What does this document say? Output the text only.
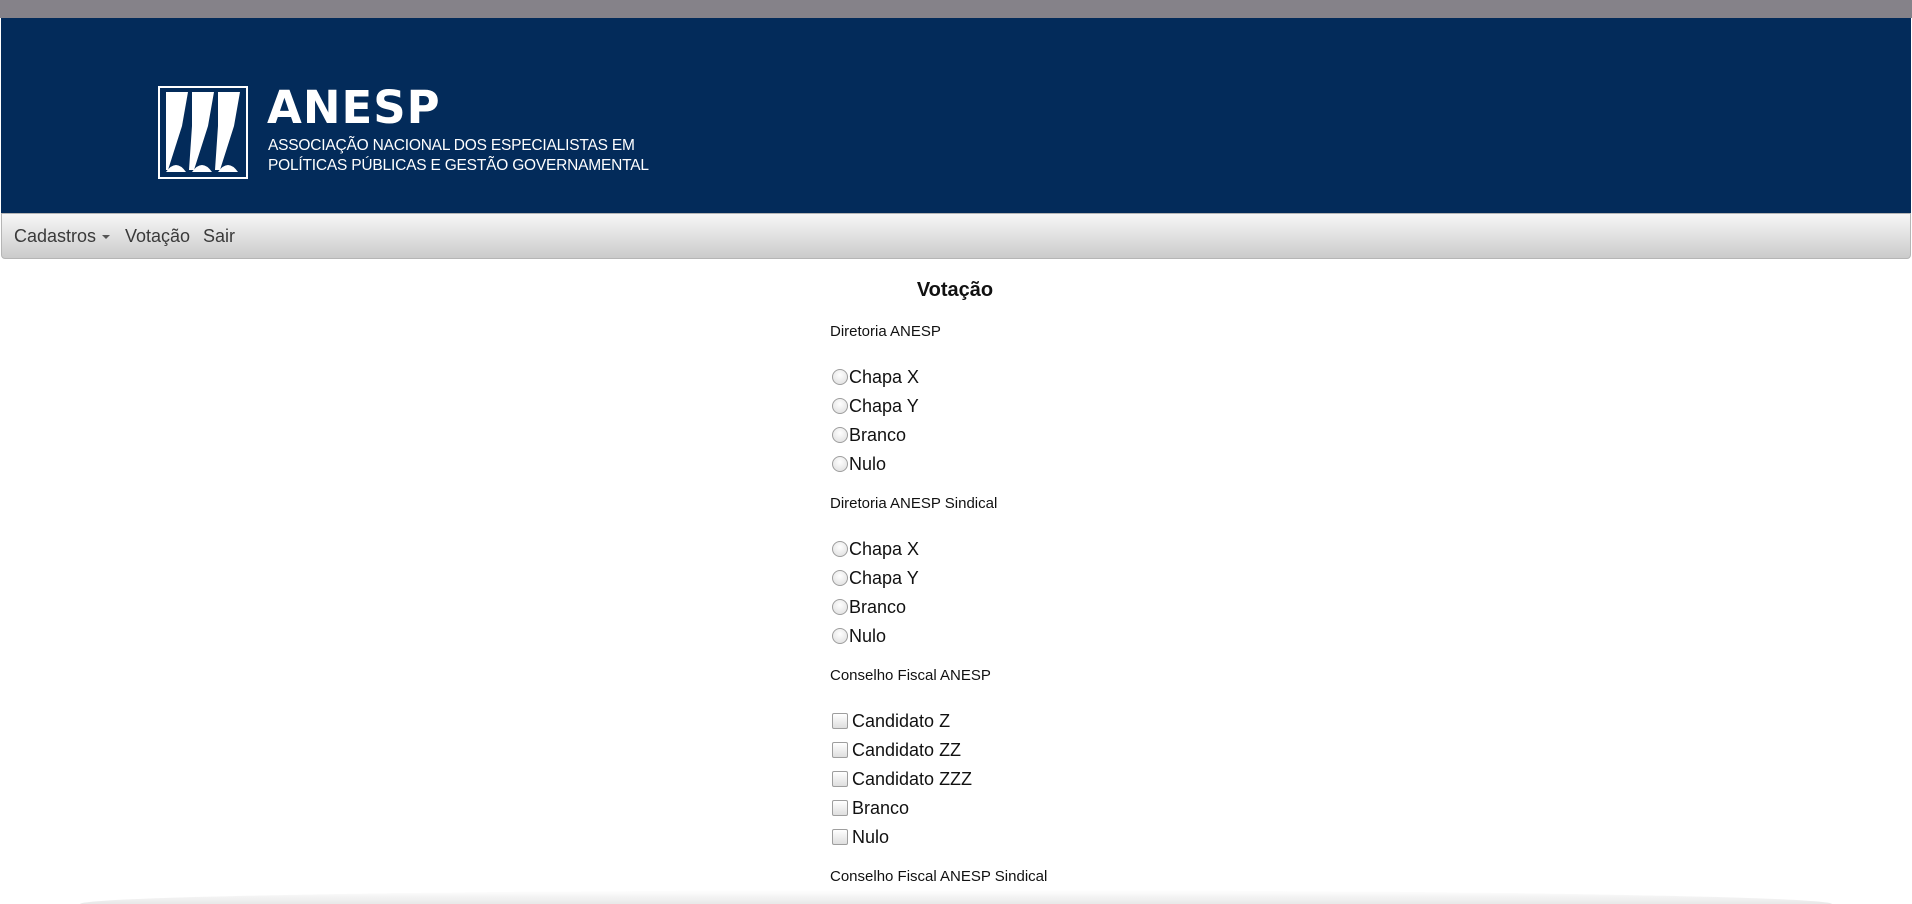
ANESP
ASSOCIAÇÃO NACIONAL DOS ESPECIALISTAS EM
POLÍTICAS PÚBLICAS E GESTÃO GOVERNAMENTAL
Cadastros	Votação Sair
Votação
Diretoria ANESP
Chapa X
Chapa Y
Branco
Nulo
Diretoria ANESP Sindical
Chapa X
Chapa Y
Branco
Nulo
Conselho Fiscal ANESP
Candidato Z
Candidato ZZ
Candidato ZZZ
Branco
Nulo
Conselho Fiscal ANESP Sindical
